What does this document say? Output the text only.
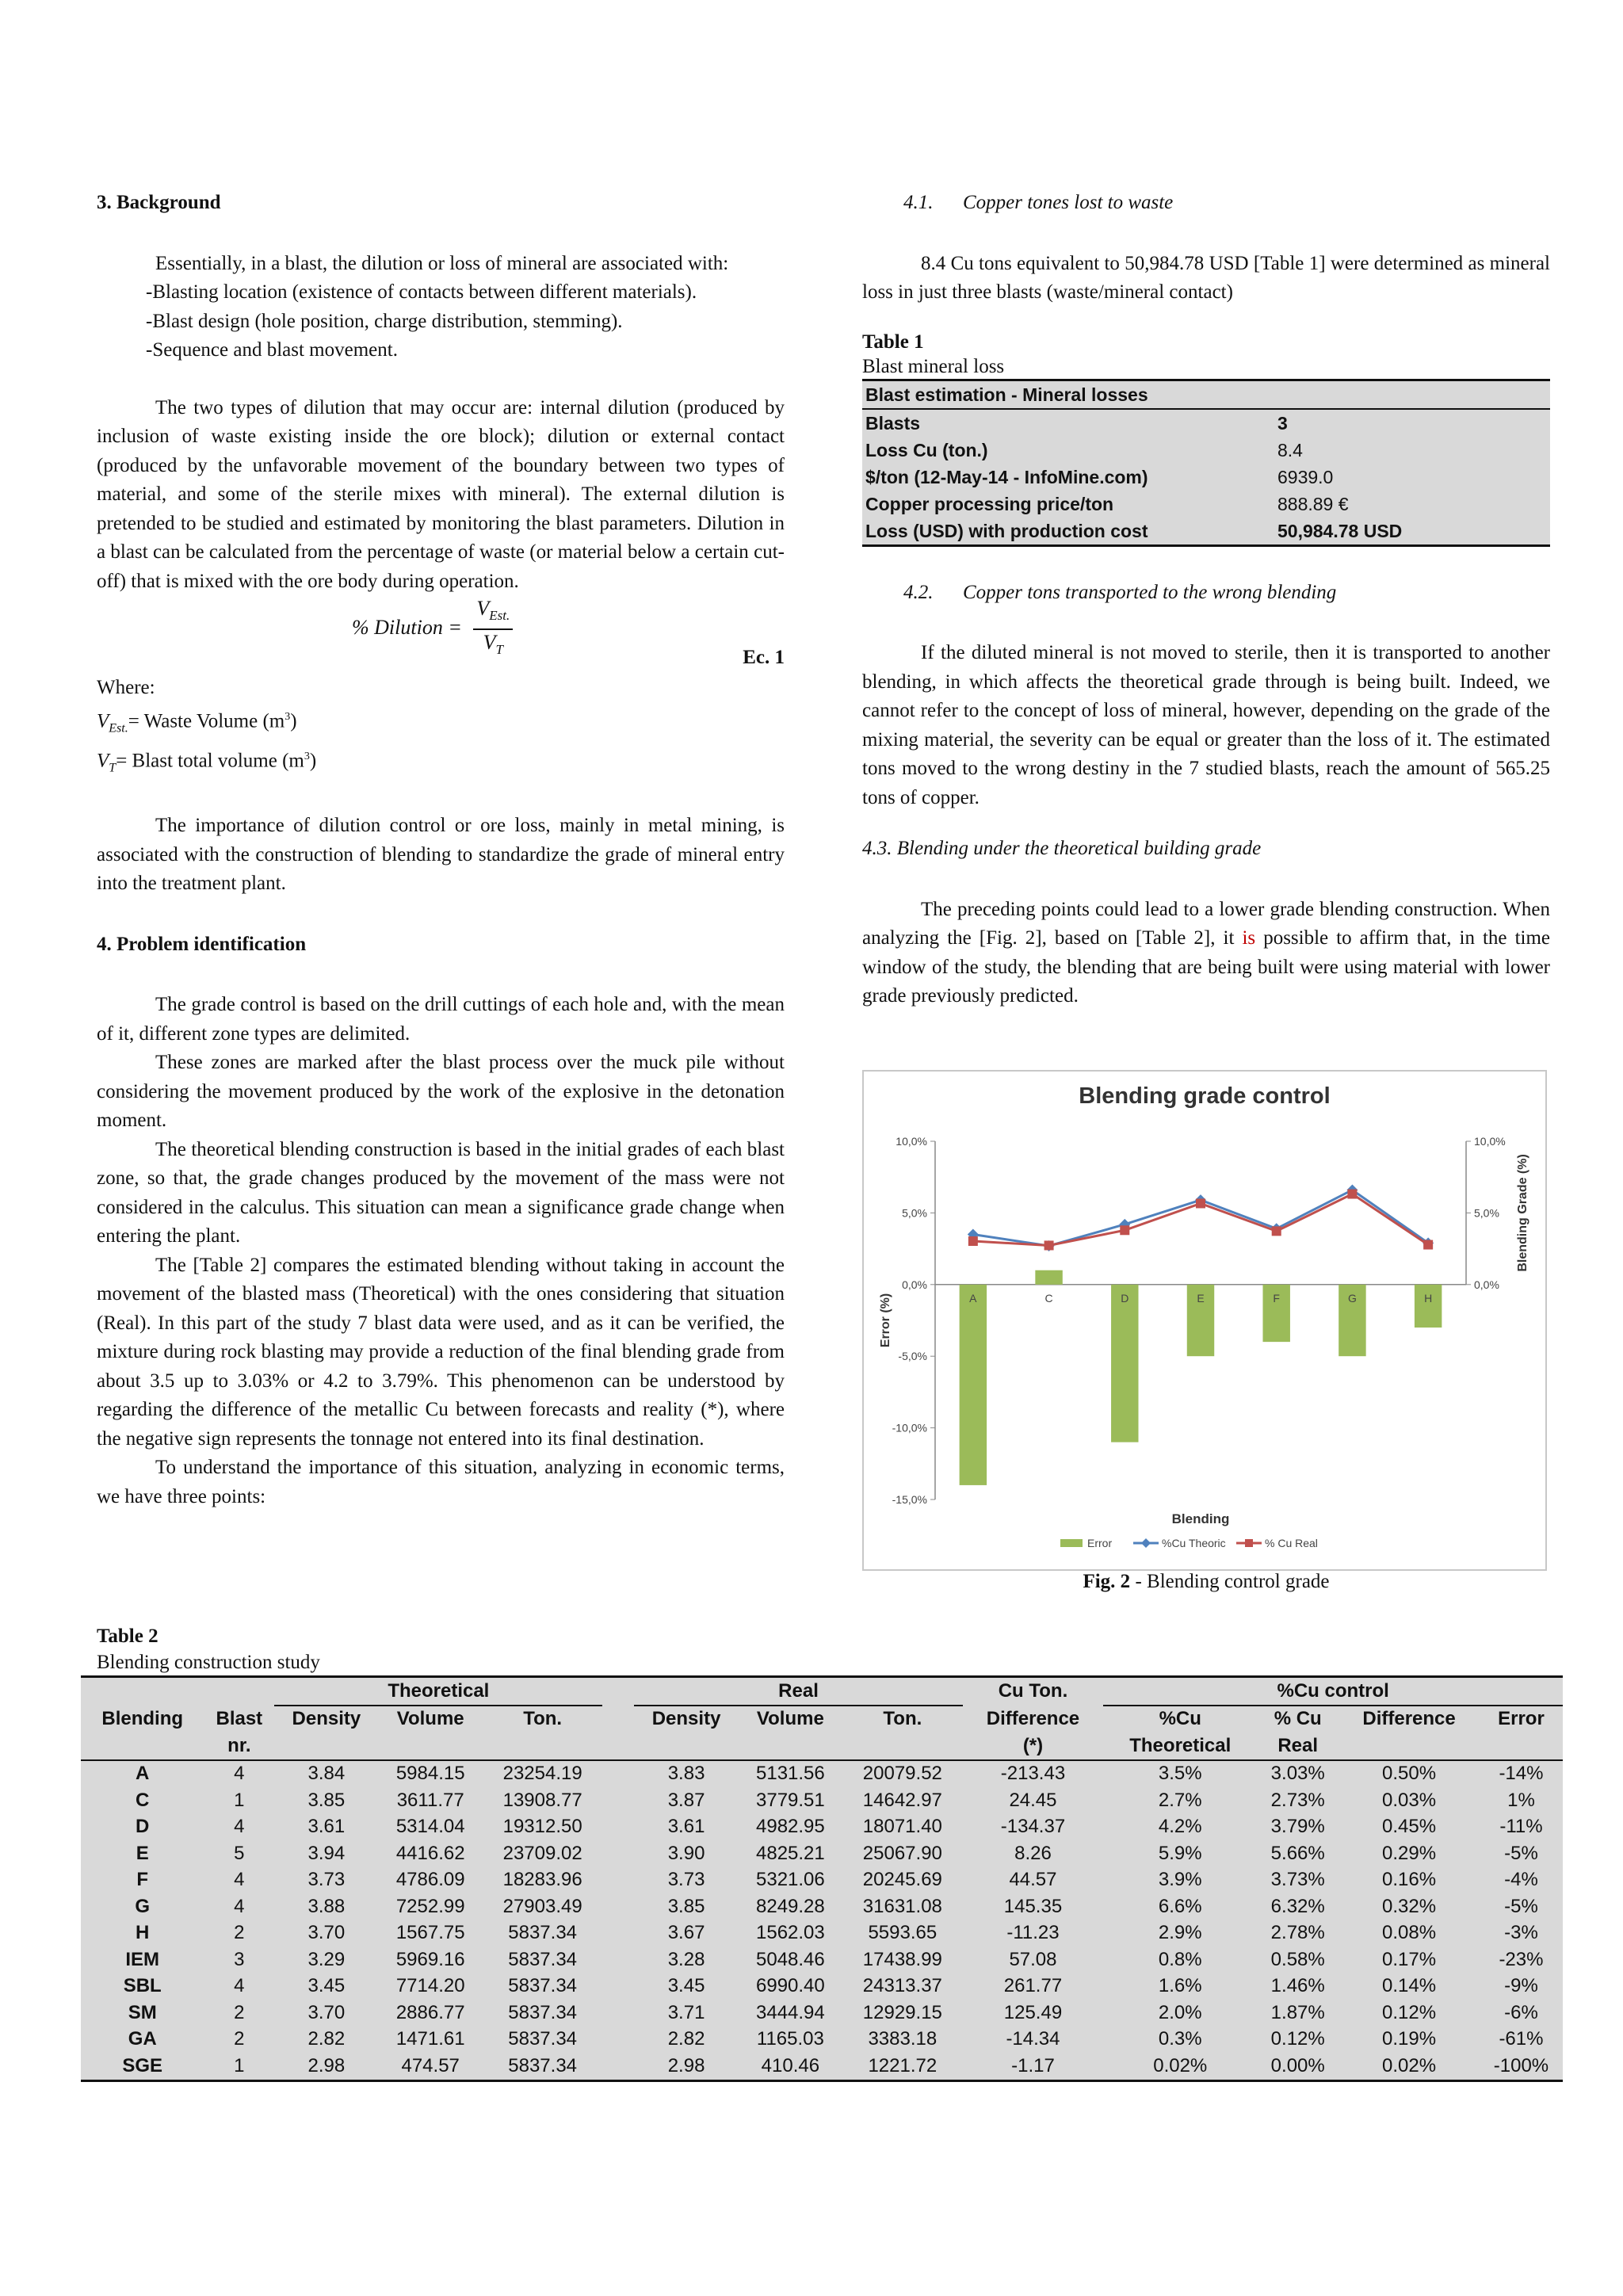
3. Background

Essentially, in a blast, the dilution or loss of mineral are associated with:

-Blasting location (existence of contacts between different materials).
-Blast design (hole position, charge distribution, stemming).
-Sequence and blast movement.

The two types of dilution that may occur are: internal dilution (produced by inclusion of waste existing inside the ore block); dilution or external contact (produced by the unfavorable movement of the boundary between two types of material, and some of the sterile mixes with mineral). The external dilution is pretended to be studied and estimated by monitoring the blast parameters. Dilution in a blast can be calculated from the percentage of waste (or material below a certain cut-off) that is mixed with the ore body during operation.

% Dilution = $\frac{V_{Est.}}{V_T}$	Ec. 1
Where:
$V_{Est.}=$ Waste Volume $(m^3)$
$V_T=$ Blast total volume $(m^3)$

The importance of dilution control or ore loss, mainly in metal mining, is associated with the construction of blending to standardize the grade of mineral entry into the treatment plant.

4. Problem identification

The grade control is based on the drill cuttings of each hole and, with the mean of it, different zone types are delimited.

These zones are marked after the blast process over the muck pile without considering the movement produced by the work of the explosive in the detonation moment.

The theoretical blending construction is based in the initial grades of each blast zone, so that, the grade changes produced by the movement of the mass were not considered in the calculus. This situation can mean a significance grade change when entering the plant.

The [Table 2] compares the estimated blending without taking in account the movement of the blasted mass (Theoretical) with the ones considering that situation (Real). In this part of the study 7 blast data were used, and as it can be verified, the mixture during rock blasting may provide a reduction of the final blending grade from about 3.5 up to 3.03% or 4.2 to 3.79%. This phenomenon can be understood by regarding the difference of the metallic Cu between forecasts and reality (*), where the negative sign represents the tonnage not entered into its final destination.

To understand the importance of this situation, analyzing in economic terms, we have three points:

4.1.      Copper tones lost to waste

8.4 Cu tons equivalent to 50,984.78 USD [Table 1] were determined as mineral loss in just three blasts (waste/mineral contact)

Table 1
Blast mineral loss
Blast estimation - Mineral losses	
Blasts	3
Loss Cu (ton.)	8.4
$/ton (12-May-14 - InfoMine.com)	6939.0
Copper processing price/ton	888.89 €
Loss (USD) with production cost	50,984.78 USD

4.2.      Copper tons transported to the wrong blending

If the diluted mineral is not moved to sterile, then it is transported to another blending, in which affects the theoretical grade through is being built. Indeed, we cannot refer to the concept of loss of mineral, however, depending on the grade of the mixing material, the severity can be equal or greater than the loss of it. The estimated tons moved to the wrong destiny in the 7 studied blasts, reach the amount of 565.25 tons of copper.

4.3. Blending under the theoretical building grade

The preceding points could lead to a lower grade blending construction. When analyzing the [Fig. 2], based on [Table 2], it is possible to affirm that, in the time window of the study, the blending that are being built were using material with lower grade previously predicted.

Blending grade control
10,0%
5,0%
0,0%
-5,0%
-10,0%
-15,0%
10,0%
5,0%
0,0%
Error (%)
Blending Grade (%)
Blending
A	C	D	E	F	G	H
Error	%Cu Theoric	% Cu Real
Fig. 2 - Blending control grade
Table 2
Blending construction study
		Theoretical				Real			Cu Ton.	%Cu control			
Blending	Blast	Density	Volume	Ton.		Density	Volume	Ton.	Difference	%Cu	% Cu	Difference	Error
	nr.								(*)	Theoretical	Real		
A	4	3.84	5984.15	23254.19		3.83	5131.56	20079.52	-213.43	3.5%	3.03%	0.50%	-14%
C	1	3.85	3611.77	13908.77		3.87	3779.51	14642.97	24.45	2.7%	2.73%	0.03%	1%
D	4	3.61	5314.04	19312.50		3.61	4982.95	18071.40	-134.37	4.2%	3.79%	0.45%	-11%
E	5	3.94	4416.62	23709.02		3.90	4825.21	25067.90	8.26	5.9%	5.66%	0.29%	-5%
F	4	3.73	4786.09	18283.96		3.73	5321.06	20245.69	44.57	3.9%	3.73%	0.16%	-4%
G	4	3.88	7252.99	27903.49		3.85	8249.28	31631.08	145.35	6.6%	6.32%	0.32%	-5%
H	2	3.70	1567.75	5837.34		3.67	1562.03	5593.65	-11.23	2.9%	2.78%	0.08%	-3%
IEM	3	3.29	5969.16	5837.34		3.28	5048.46	17438.99	57.08	0.8%	0.58%	0.17%	-23%
SBL	4	3.45	7714.20	5837.34		3.45	6990.40	24313.37	261.77	1.6%	1.46%	0.14%	-9%
SM	2	3.70	2886.77	5837.34		3.71	3444.94	12929.15	125.49	2.0%	1.87%	0.12%	-6%
GA	2	2.82	1471.61	5837.34		2.82	1165.03	3383.18	-14.34	0.3%	0.12%	0.19%	-61%
SGE	1	2.98	474.57	5837.34		2.98	410.46	1221.72	-1.17	0.02%	0.00%	0.02%	-100%
